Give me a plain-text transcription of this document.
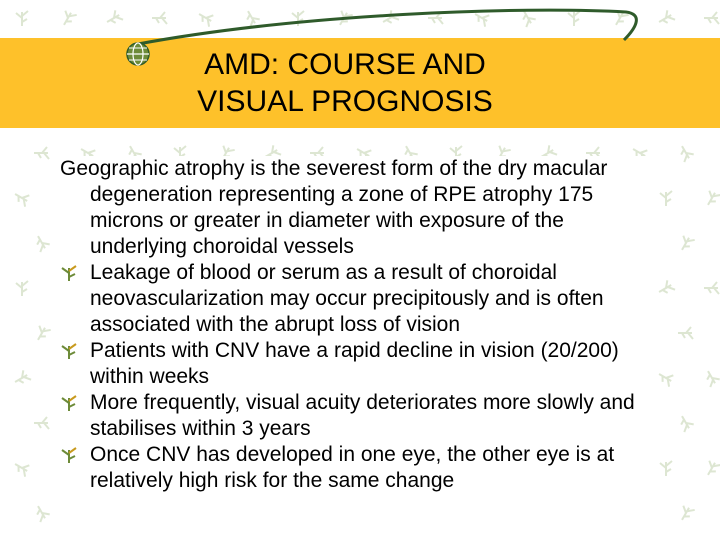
AMD: COURSE AND VISUAL PROGNOSIS

Geographic atrophy is the severest form of the dry macular degeneration representing a zone of RPE atrophy 175 microns or greater in diameter with exposure of the underlying choroidal vessels

Leakage of blood or serum as a result of choroidal neovascularization may occur precipitously and is often associated with the abrupt loss of vision

Patients with CNV have a rapid decline in vision (20/200) within weeks

More frequently, visual acuity deteriorates more slowly and stabilises within 3 years

Once CNV has developed in one eye, the other eye is at relatively high risk for the same change
